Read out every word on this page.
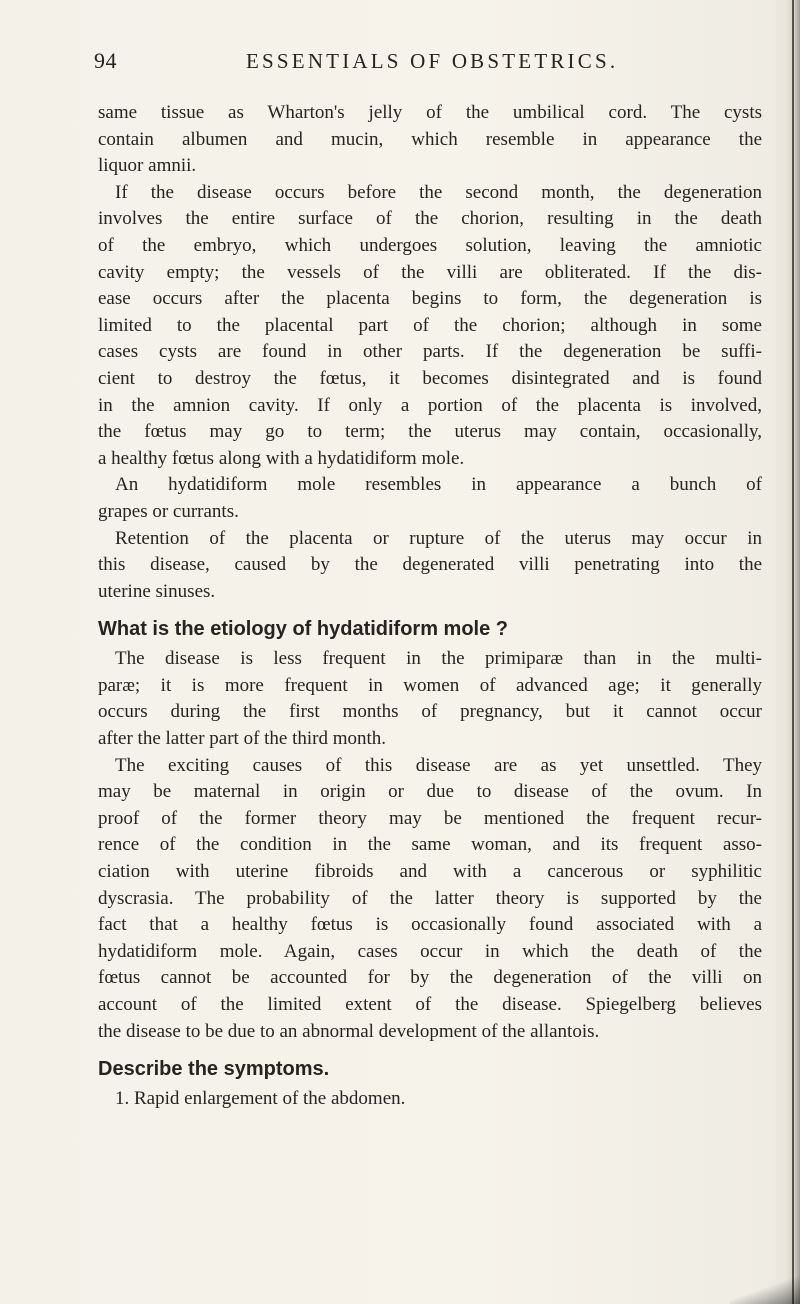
94	ESSENTIALS OF OBSTETRICS.
same tissue as Wharton's jelly of the umbilical cord. The cysts
contain albumen and mucin, which resemble in appearance the
liquor amnii.
If the disease occurs before the second month, the degeneration
involves the entire surface of the chorion, resulting in the death
of the embryo, which undergoes solution, leaving the amniotic
cavity empty; the vessels of the villi are obliterated. If the dis-
ease occurs after the placenta begins to form, the degeneration is
limited to the placental part of the chorion; although in some
cases cysts are found in other parts. If the degeneration be suffi-
cient to destroy the fœtus, it becomes disintegrated and is found
in the amnion cavity. If only a portion of the placenta is involved,
the fœtus may go to term; the uterus may contain, occasionally,
a healthy fœtus along with a hydatidiform mole.
An hydatidiform mole resembles in appearance a bunch of
grapes or currants.
Retention of the placenta or rupture of the uterus may occur in
this disease, caused by the degenerated villi penetrating into the
uterine sinuses.
What is the etiology of hydatidiform mole ?
The disease is less frequent in the primiparæ than in the multi-
paræ; it is more frequent in women of advanced age; it generally
occurs during the first months of pregnancy, but it cannot occur
after the latter part of the third month.
The exciting causes of this disease are as yet unsettled. They
may be maternal in origin or due to disease of the ovum. In
proof of the former theory may be mentioned the frequent recur-
rence of the condition in the same woman, and its frequent asso-
ciation with uterine fibroids and with a cancerous or syphilitic
dyscrasia. The probability of the latter theory is supported by the
fact that a healthy fœtus is occasionally found associated with a
hydatidiform mole. Again, cases occur in which the death of the
fœtus cannot be accounted for by the degeneration of the villi on
account of the limited extent of the disease. Spiegelberg believes
the disease to be due to an abnormal development of the allantois.
Describe the symptoms.
1. Rapid enlargement of the abdomen.
